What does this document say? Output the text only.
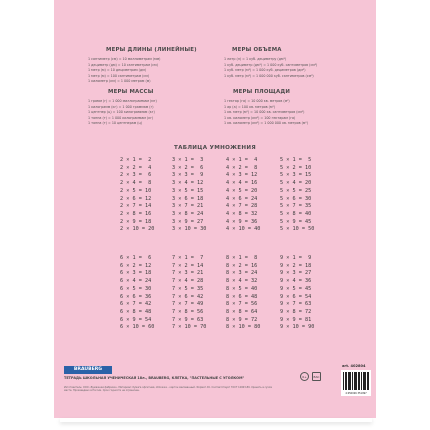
МЕРЫ ДЛИНЫ (ЛИНЕЙНЫЕ)
1 сантиметр (см) = 10 миллиметрам (мм)
1 дециметр (дм) = 10 сантиметрам (см)
1 метр (м) = 10 дециметрам (дм)
1 метр (м) = 100 сантиметрам (см)
1 километр (км) = 1 000 метрам (м)
МЕРЫ ОБЪЕМА
1 литр (л) = 1 куб. дециметру (дм³)
1 куб. дециметр (дм³) = 1 000 куб. сантиметров (см³)
1 куб. метр (м³) = 1 000 куб. дециметров (дм³)
1 куб. метр (м³) = 1 000 000 куб. сантиметров (см³)
МЕРЫ МАССЫ
1 грамм (г) = 1 000 миллиграммам (мг)
1 килограмм (кг) = 1 000 граммам (г)
1 центнер (ц) = 100 килограммам (кг)
1 тонна (т) = 1 000 килограммам (кг)
1 тонна (т) = 10 центнерам (ц)
МЕРЫ ПЛОЩАДИ
1 гектар (га) = 10 000 кв. метров (м²)
1 ар (а) = 100 кв. метров (м²)
1 кв. метр (м²) = 10 000 кв. сантиметров (см²)
1 кв. километр (км²) = 100 гектарам (га)
1 кв. километр (км²) = 1 000 000 кв. метров (м²)
ТАБЛИЦА УМНОЖЕНИЯ
2 × 1 =  2
2 × 2 =  4
2 × 3 =  6
2 × 4 =  8
2 × 5 = 10
2 × 6 = 12
2 × 7 = 14
2 × 8 = 16
2 × 9 = 18
2 × 10 = 20
3 × 1 =  3
3 × 2 =  6
3 × 3 =  9
3 × 4 = 12
3 × 5 = 15
3 × 6 = 18
3 × 7 = 21
3 × 8 = 24
3 × 9 = 27
3 × 10 = 30
4 × 1 =  4
4 × 2 =  8
4 × 3 = 12
4 × 4 = 16
4 × 5 = 20
4 × 6 = 24
4 × 7 = 28
4 × 8 = 32
4 × 9 = 36
4 × 10 = 40
5 × 1 =  5
5 × 2 = 10
5 × 3 = 15
5 × 4 = 20
5 × 5 = 25
5 × 6 = 30
5 × 7 = 35
5 × 8 = 40
5 × 9 = 45
5 × 10 = 50
6 × 1 =  6
6 × 2 = 12
6 × 3 = 18
6 × 4 = 24
6 × 5 = 30
6 × 6 = 36
6 × 7 = 42
6 × 8 = 48
6 × 9 = 54
6 × 10 = 60
7 × 1 =  7
7 × 2 = 14
7 × 3 = 21
7 × 4 = 28
7 × 5 = 35
7 × 6 = 42
7 × 7 = 49
7 × 8 = 56
7 × 9 = 63
7 × 10 = 70
8 × 1 =  8
8 × 2 = 16
8 × 3 = 24
8 × 4 = 32
8 × 5 = 40
8 × 6 = 48
8 × 7 = 56
8 × 8 = 64
8 × 9 = 72
8 × 10 = 80
9 × 1 =  9
9 × 2 = 18
9 × 3 = 27
9 × 4 = 36
9 × 5 = 45
9 × 6 = 54
9 × 7 = 63
9 × 8 = 72
9 × 9 = 81
9 × 10 = 90
BRAUBERG
ТЕТРАДЬ ШКОЛЬНАЯ УЧЕНИЧЕСКАЯ 18л., BRAUBERG, КЛЕТКА, "ПАСТЕЛЬНЫЕ С УГОЛКОМ"
Изготовитель: ООО «Бумажная фабрика». Материал: бумага офсетная, обложка – картон мелованный. Формат А5. Соответствует ГОСТ 12063-89. Хранить в сухом месте. Произведено в России. Срок годности не ограничен.
0+	EAC
art. 402804
4 650026 351997
